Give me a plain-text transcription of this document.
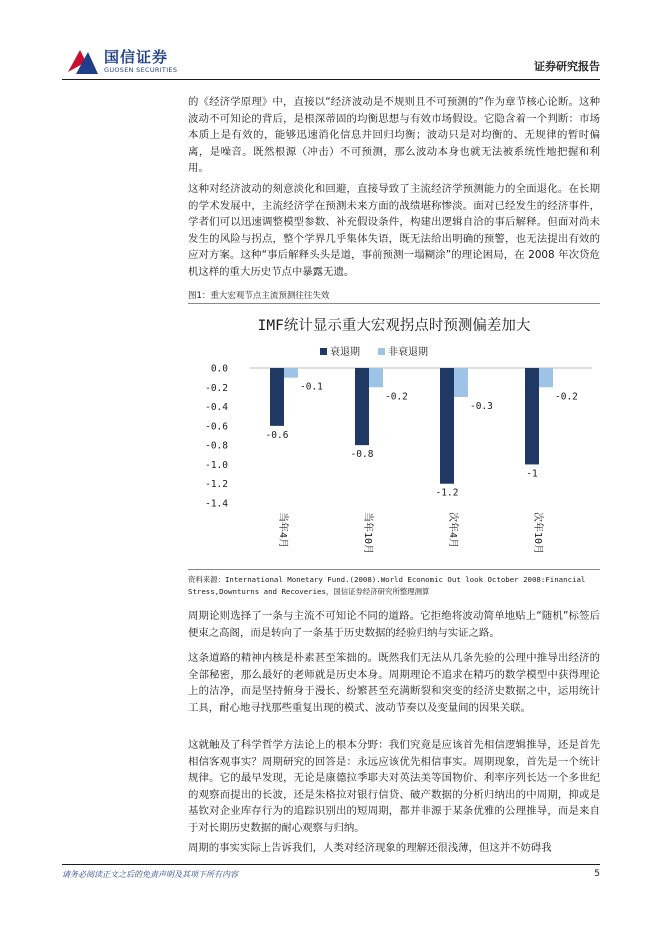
国信证券
GUOSEN SECURITIES	证券研究报告

的《经济学原理》中，直接以“经济波动是不规则且不可预测的”作为章节核心论断。这种波动不可知论的背后，是根深蒂固的均衡思想与有效市场假设。它隐含着一个判断：市场本质上是有效的，能够迅速消化信息并回归均衡；波动只是对均衡的、无规律的暂时偏离，是噪音。既然根源（冲击）不可预测，那么波动本身也就无法被系统性地把握和利用。

这种对经济波动的刻意淡化和回避，直接导致了主流经济学预测能力的全面退化。在长期的学术发展中，主流经济学在预测未来方面的战绩堪称惨淡。面对已经发生的经济事件，学者们可以迅速调整模型参数、补充假设条件，构建出逻辑自洽的事后解释。但面对尚未发生的风险与拐点，整个学界几乎集体失语，既无法给出明确的预警，也无法提出有效的应对方案。这种“事后解释头头是道，事前预测一塌糊涂”的理论困局，在 2008 年次贷危机这样的重大历史节点中暴露无遗。

图1：重大宏观节点主流预测往往失效
IMF统计显示重大宏观拐点时预测偏差加大
衰退期	非衰退期
0.0
-0.2
-0.4
-0.6
-0.8
-1.0
-1.2
-1.4
-0.6
-0.1
-0.8
-0.2
-1.2
-0.3
-1
-0.2
当年4月	当年10月	次年4月	次年10月
资料来源：International Monetary Fund.(2008).World Economic Out look October 2008:Financial Stress,Downturns and Recoveries，国信证券经济研究所整理测算

周期论则选择了一条与主流不可知论不同的道路。它拒绝将波动简单地贴上“随机”标签后便束之高阁，而是转向了一条基于历史数据的经验归纳与实证之路。

这条道路的精神内核是朴素甚至笨拙的。既然我们无法从几条先验的公理中推导出经济的全部秘密，那么最好的老师就是历史本身。周期理论不追求在精巧的数学模型中获得理论上的洁净，而是坚持俯身于漫长、纷繁甚至充满断裂和突变的经济史数据之中，运用统计工具，耐心地寻找那些重复出现的模式、波动节奏以及变量间的因果关联。

这就触及了科学哲学方法论上的根本分野：我们究竟是应该首先相信逻辑推导，还是首先相信客观事实？周期研究的回答是：永远应该优先相信事实。周期现象，首先是一个统计规律。它的最早发现，无论是康德拉季耶夫对英法美等国物价、利率序列长达一个多世纪的观察而提出的长波，还是朱格拉对银行信贷、破产数据的分析归纳出的中周期，抑或是基钦对企业库存行为的追踪识别出的短周期，都并非源于某条优雅的公理推导，而是来自于对长期历史数据的耐心观察与归纳。

周期的事实实际上告诉我们，人类对经济现象的理解还很浅薄，但这并不妨碍我

请务必阅读正文之后的免责声明及其项下所有内容	5
